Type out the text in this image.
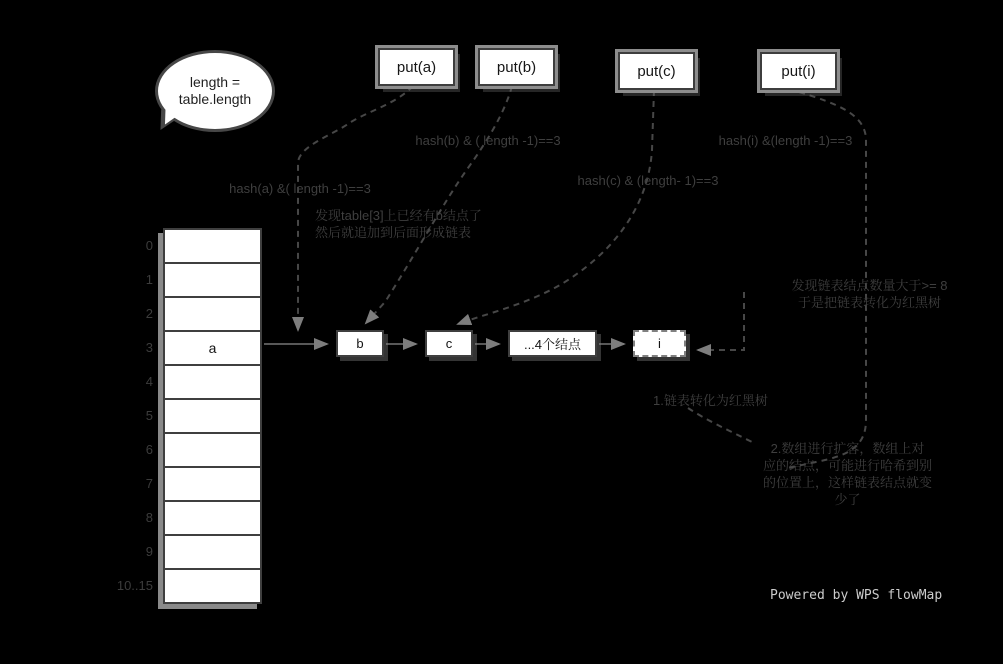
length =
table.length
put(a)	put(b)	put(c)	put(i)
hash(a) &( length -1)==3
hash(b) & ( length -1)==3
hash(c) & (length- 1)==3
hash(i) &(length -1)==3
发现table[3]上已经有b结点了
然后就追加到后面形成链表
发现链表结点数量大于>= 8
于是把链表转化为红黑树
1.链表转化为红黑树
2.数组进行扩容，数组上对
应的结点，可能进行哈希到别
的位置上，这样链表结点就变
少了
0
1
2
3
4
5
6
7
8
9
10..15
a	b	c	...4个结点	i
Powered by WPS flowMap
